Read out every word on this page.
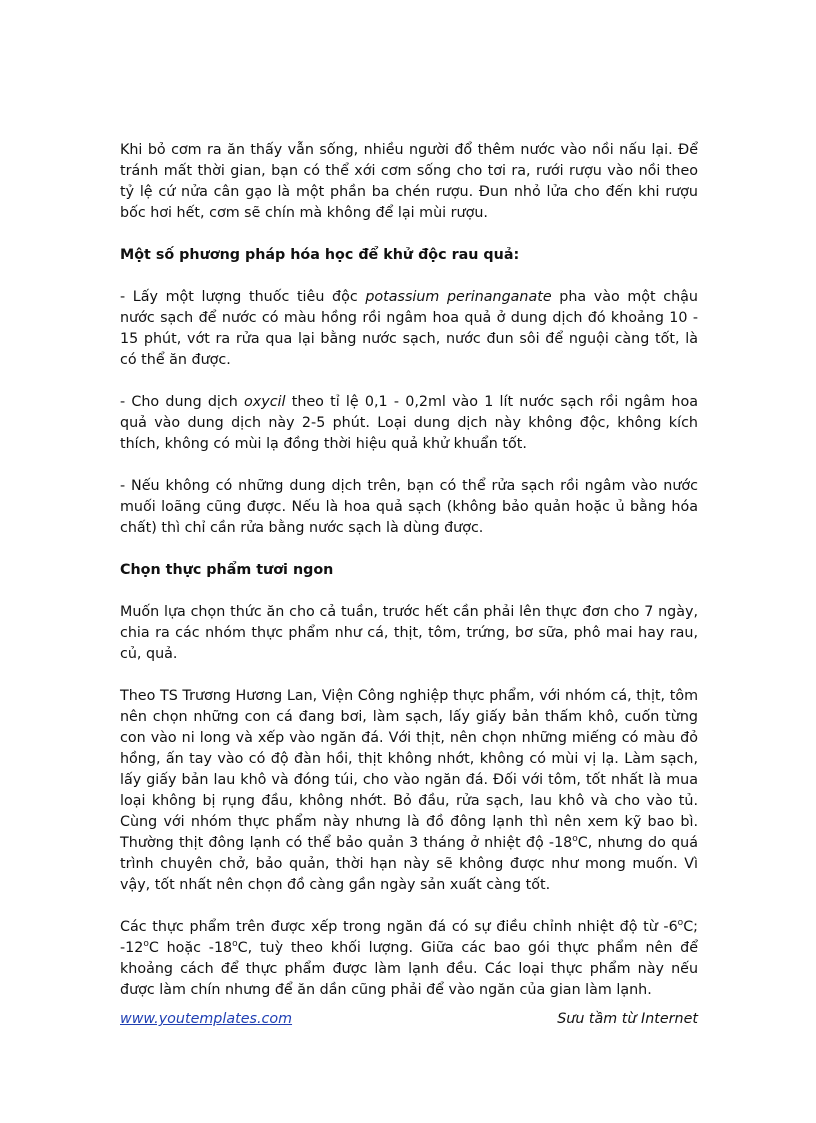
Khi bỏ cơm ra ăn thấy vẫn sống, nhiều người đổ thêm nước vào nồi nấu lại. Để tránh mất thời gian, bạn có thể xới cơm sống cho tơi ra, rưới rượu vào nồi theo tỷ lệ cứ nửa cân gạo là một phần ba chén rượu. Đun nhỏ lửa cho đến khi rượu bốc hơi hết, cơm sẽ chín mà không để lại mùi rượu.

Một số phương pháp hóa học để khử độc rau quả:

- Lấy một lượng thuốc tiêu độc potassium perinanganate pha vào một chậu nước sạch để nước có màu hồng rồi ngâm hoa quả ở dung dịch đó khoảng 10 - 15 phút, vớt ra rửa qua lại bằng nước sạch, nước đun sôi để nguội càng tốt, là có thể ăn được.

- Cho dung dịch oxycil theo tỉ lệ 0,1 - 0,2ml vào 1 lít nước sạch rồi ngâm hoa quả vào dung dịch này 2-5 phút. Loại dung dịch này không độc, không kích thích, không có mùi lạ đồng thời hiệu quả khử khuẩn tốt.

- Nếu không có những dung dịch trên, bạn có thể rửa sạch rồi ngâm vào nước muối loãng cũng được. Nếu là hoa quả sạch (không bảo quản hoặc ủ bằng hóa chất) thì chỉ cần rửa bằng nước sạch là dùng được.

Chọn thực phẩm tươi ngon

Muốn lựa chọn thức ăn cho cả tuần, trước hết cần phải lên thực đơn cho 7 ngày, chia ra các nhóm thực phẩm như cá, thịt, tôm, trứng, bơ sữa, phô mai hay rau, củ, quả.

Theo TS Trương Hương Lan, Viện Công nghiệp thực phẩm, với nhóm cá, thịt, tôm nên chọn những con cá đang bơi, làm sạch, lấy giấy bản thấm khô, cuốn từng con vào ni long và xếp vào ngăn đá. Với thịt, nên chọn những miếng có màu đỏ hồng, ấn tay vào có độ đàn hồi, thịt không nhớt, không có mùi vị lạ. Làm sạch, lấy giấy bản lau khô và đóng túi, cho vào ngăn đá. Đối với tôm, tốt nhất là mua loại không bị rụng đầu, không nhớt. Bỏ đầu, rửa sạch, lau khô và cho vào tủ. Cùng với nhóm thực phẩm này nhưng là đồ đông lạnh thì nên xem kỹ bao bì. Thường thịt đông lạnh có thể bảo quản 3 tháng ở nhiệt độ -18$^o$C, nhưng do quá trình chuyên chở, bảo quản, thời hạn này sẽ không được như mong muốn. Vì vậy, tốt nhất nên chọn đồ càng gần ngày sản xuất càng tốt.

Các thực phẩm trên được xếp trong ngăn đá có sự điều chỉnh nhiệt độ từ -6$^o$C; -12$^o$C hoặc -18$^o$C, tuỳ theo khối lượng. Giữa các bao gói thực phẩm nên để khoảng cách để thực phẩm được làm lạnh đều. Các loại thực phẩm này nếu được làm chín nhưng để ăn dần cũng phải để vào ngăn của gian làm lạnh.

www.youtemplates.com	Sưu tầm từ Internet
